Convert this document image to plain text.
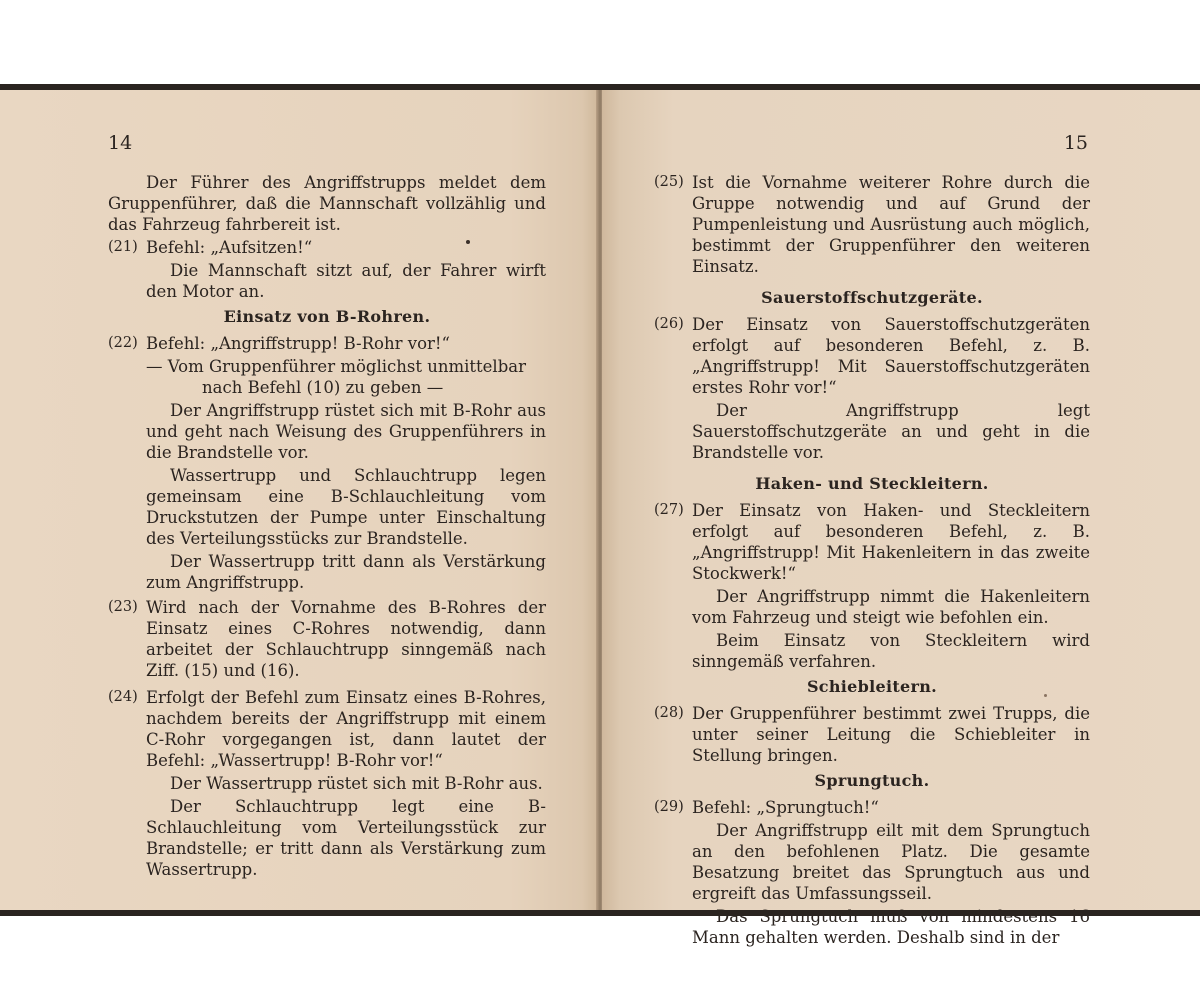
14

Der Führer des Angriffstrupps meldet dem Gruppenführer, daß die Mannschaft vollzählig und das Fahrzeug fahrbereit ist.

(21) Befehl: „Aufsitzen!“

Die Mannschaft sitzt auf, der Fahrer wirft den Motor an.

Einsatz von B-Rohren.
(22) Befehl: „Angriffstrupp! B-Rohr vor!“
— Vom Gruppenführer möglichst unmittelbar
nach Befehl (10) zu geben —

Der Angriffstrupp rüstet sich mit B-Rohr aus und geht nach Weisung des Gruppenführers in die Brandstelle vor.

Wassertrupp und Schlauchtrupp legen gemeinsam eine B-Schlauchleitung vom Druckstutzen der Pumpe unter Einschaltung des Verteilungsstücks zur Brandstelle.

Der Wassertrupp tritt dann als Verstärkung zum Angriffstrupp.

(23) Wird nach der Vornahme des B-Rohres der Einsatz eines C-Rohres notwendig, dann arbeitet der Schlauchtrupp sinngemäß nach Ziff. (15) und (16).
(24) Erfolgt der Befehl zum Einsatz eines B-Rohres, nachdem bereits der Angriffstrupp mit einem C-Rohr vorgegangen ist, dann lautet der Befehl: „Wassertrupp! B-Rohr vor!“

Der Wassertrupp rüstet sich mit B-Rohr aus.

Der Schlauchtrupp legt eine B-Schlauchleitung vom Verteilungsstück zur Brandstelle; er tritt dann als Verstärkung zum Wassertrupp.

15
(25) Ist die Vornahme weiterer Rohre durch die Gruppe notwendig und auf Grund der Pumpenleistung und Ausrüstung auch möglich, bestimmt der Gruppenführer den weiteren Einsatz.
Sauerstoffschutzgeräte.
(26) Der Einsatz von Sauerstoffschutzgeräten erfolgt auf besonderen Befehl, z. B. „Angriffstrupp! Mit Sauerstoffschutzgeräten erstes Rohr vor!“

Der Angriffstrupp legt Sauerstoffschutzgeräte an und geht in die Brandstelle vor.

Haken- und Steckleitern.
(27) Der Einsatz von Haken- und Steckleitern erfolgt auf besonderen Befehl, z. B. „Angriffstrupp! Mit Hakenleitern in das zweite Stockwerk!“

Der Angriffstrupp nimmt die Hakenleitern vom Fahrzeug und steigt wie befohlen ein.

Beim Einsatz von Steckleitern wird sinngemäß verfahren.

Schiebleitern.
(28) Der Gruppenführer bestimmt zwei Trupps, die unter seiner Leitung die Schiebleiter in Stellung bringen.
Sprungtuch.
(29) Befehl: „Sprungtuch!“

Der Angriffstrupp eilt mit dem Sprungtuch an den befohlenen Platz. Die gesamte Besatzung breitet das Sprungtuch aus und ergreift das Umfassungsseil.

Das Sprungtuch muß von mindestens 16 Mann gehalten werden. Deshalb sind in der
